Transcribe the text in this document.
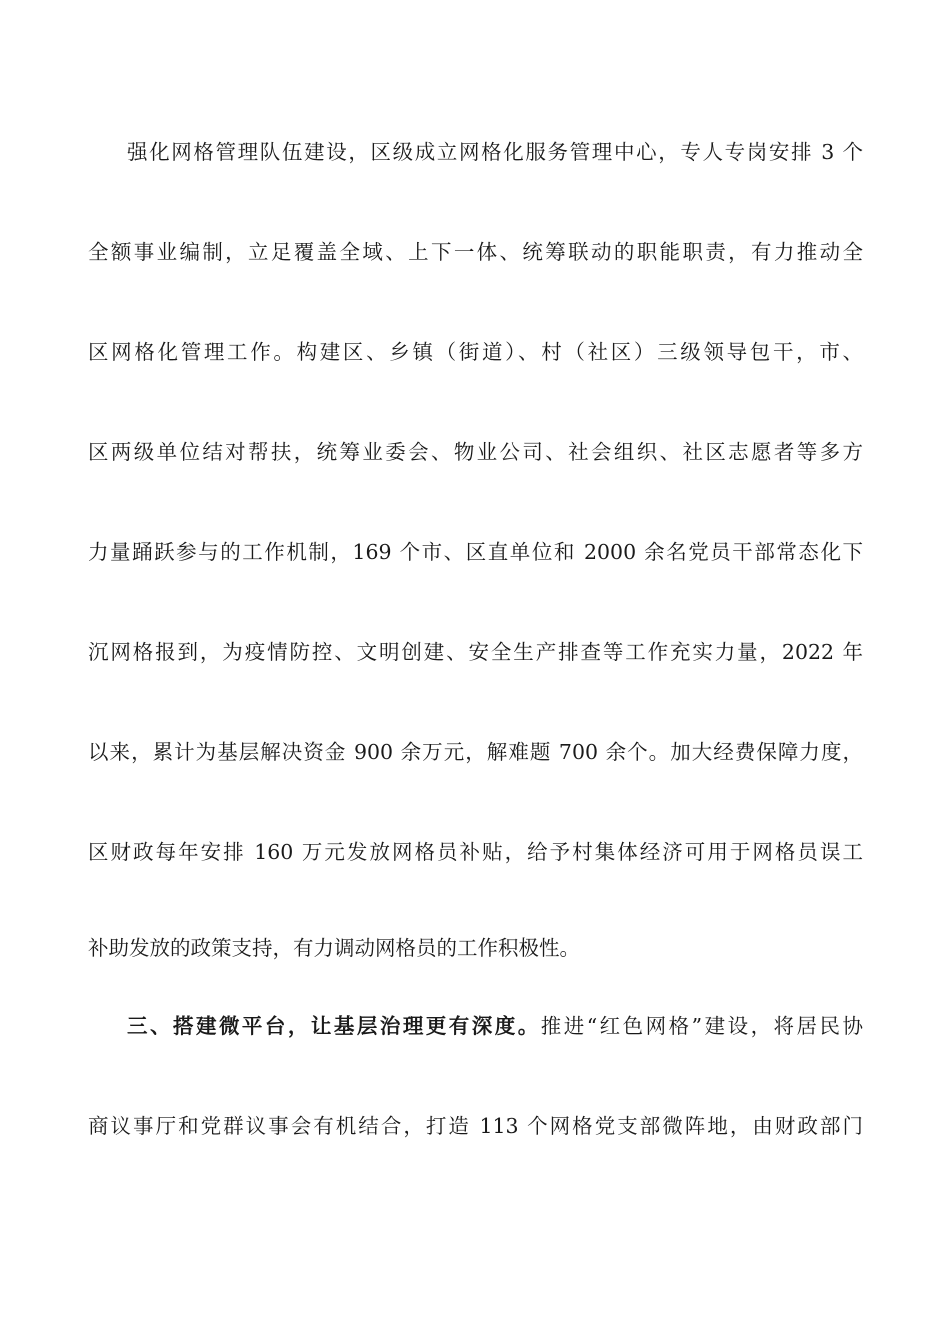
强化网格管理队伍建设，区级成立网格化服务管理中心，专人专岗安排 3 个
全额事业编制，立足覆盖全域、上下一体、统筹联动的职能职责，有力推动全
区网格化管理工作。构建区、乡镇（街道）、村（社区）三级领导包干，市、
区两级单位结对帮扶，统筹业委会、物业公司、社会组织、社区志愿者等多方
力量踊跃参与的工作机制，169 个市、区直单位和 2000 余名党员干部常态化下
沉网格报到，为疫情防控、文明创建、安全生产排查等工作充实力量，2022 年
以来，累计为基层解决资金 900 余万元，解难题 700 余个。加大经费保障力度，
区财政每年安排 160 万元发放网格员补贴，给予村集体经济可用于网格员误工
补助发放的政策支持，有力调动网格员的工作积极性。
三、搭建微平台，让基层治理更有深度。推进“红色网格”建设，将居民协
商议事厅和党群议事会有机结合，打造 113 个网格党支部微阵地，由财政部门
